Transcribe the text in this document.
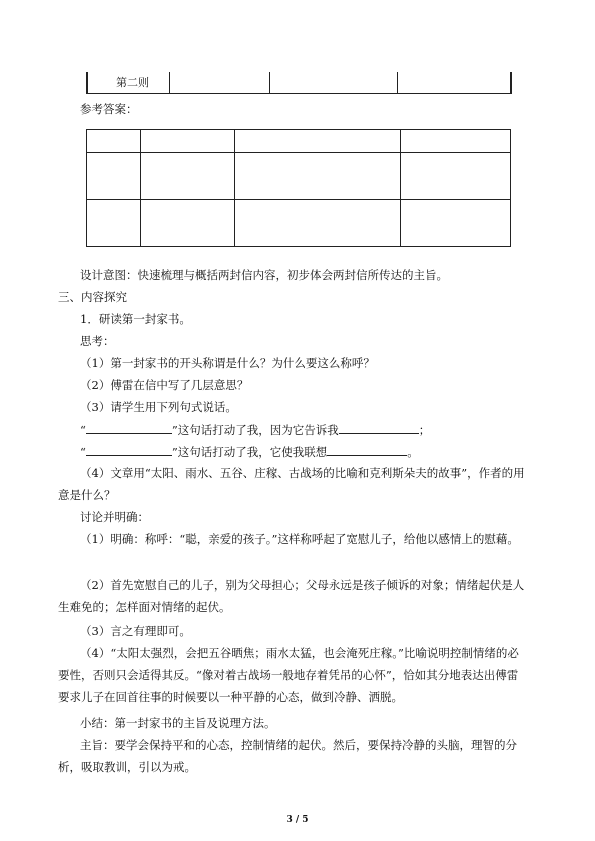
第二则			
参考答案：

设计意图：快速梳理与概括两封信内容，初步体会两封信所传达的主旨。
三、内容探究
1．研读第一封家书。
思考：
（1）第一封家书的开头称谓是什么？为什么要这么称呼？
（2）傅雷在信中写了几层意思？
（3）请学生用下列句式说话。
“	”这句话打动了我，因为它告诉我	；
“	”这句话打动了我，它使我联想	。
（4）文章用“太阳、雨水、五谷、庄稼、古战场的比喻和克利斯朵夫的故事”，作者的用意是什么？
讨论并明确：
（1）明确：称呼：“聪，亲爱的孩子。”这样称呼起了宽慰儿子，给他以感情上的慰藉。
（2）首先宽慰自己的儿子，别为父母担心；父母永远是孩子倾诉的对象；情绪起伏是人生难免的；怎样面对情绪的起伏。
（3）言之有理即可。
（4）“太阳太强烈，会把五谷晒焦；雨水太猛，也会淹死庄稼。”比喻说明控制情绪的必要性，否则只会适得其反。“像对着古战场一般地存着凭吊的心怀”，恰如其分地表达出傅雷要求儿子在回首往事的时候要以一种平静的心态，做到冷静、洒脱。
小结：第一封家书的主旨及说理方法。
主旨：要学会保持平和的心态，控制情绪的起伏。然后，要保持冷静的头脑，理智的分析，吸取教训，引以为戒。
3 / 5
